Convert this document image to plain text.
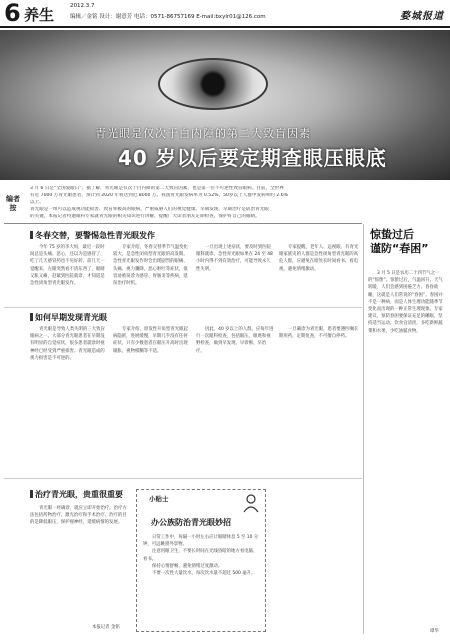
6 养生	2012.3.7
编辑／金铭 设计：谢意芳 电话：0571-86757169 E-mail:bxylr01@126.com	婺城报道
青光眼是仅次于白内障的第二大致盲因素
40 岁以后要定期查眼压眼底
编者按
3 月 6 日是“全国爱眼日”。据了解，青光眼是仅次于白内障的第二大致盲因素，也是第一位不可逆性致盲眼病。目前，全世界
有近 7000 万青光眼患者，预计到 2020 年将达到近 8000 万。我国青光眼发病率为 0.52%，50岁以上人群中发病率约 2.6%
以上。
青光眼是一组可以造成视功能损害、致盲率极高的眼病，严重威胁人们的视觉健康。早期发现、早期治疗是防治青光眼
的关键。本报记者特邀眼科专家就青光眼的相关知识进行讲解，提醒广大读者朋友定期检查，保护好自己的眼睛。
冬春交替，要警惕急性青光眼发作

今年 75 岁的李大妈，最近一段时间总是头痛、恶心，还以为是感冒了，吃了几天感冒药也不见好转。前几天一觉醒来，左眼突然看不清东西了，眼睛又胀又痛，赶紧到医院就诊，才知道是急性闭角型青光眼发作。

专家介绍，冬春交替季节气温变化较大，是急性闭角型青光眼的高发期。急性青光眼发作时会出现剧烈的眼痛、头痛、视力骤降、恶心呕吐等症状，很容易被误诊为感冒、胃肠炎等疾病，延误治疗时机。

一旦出现上述症状，要及时到医院眼科就诊。急性青光眼如果在 24 至 48 小时内得不到有效治疗，可能导致永久性失明。

专家提醒，老年人、远视眼、有青光眼家族史的人群是急性闭角型青光眼的高危人群，应避免在暗处长时间看书、看电视，避免情绪激动。

如何早期发现青光眼

青光眼是导致人类失明的三大致盲眼病之一。大部分青光眼患者在早期没有明显的自觉症状，很多患者就诊时视神经已经受到严重损害。青光眼造成的视力损害是不可逆的。

专家介绍，原发性开角型青光眼起病隐匿，进展缓慢，早期几乎没有任何症状，只有少数患者在眼压升高时出现眼胀、视物模糊等不适。

因此，40 岁以上的人群，应每年进行一次眼科检查，包括眼压、眼底和视野检查，做到早发现、早诊断、早治疗。

一旦确诊为青光眼，患者要遵医嘱长期用药，定期复查，不可擅自停药。

治疗青光眼，贵重很重要

青光眼一经确诊，就应立即开始治疗。治疗方法包括药物治疗、激光治疗和手术治疗。治疗的目的是降低眼压，保护视神经，延缓病情的发展。

本报记者 金铭
小贴士
办公族防治青光眼妙招

日常工作中，每隔一小时左右应让眼睛休息 5 至 10 分钟，可远眺窗外景物。

注意用眼卫生，不要长时间在光线昏暗的地方看电脑、看书。

保持心情舒畅，避免情绪过度激动。

不要一次性大量饮水，每次饮水量不超过 500 毫升。

惊蛰过后
谨防“春困”

3 月 5 日是农历二十四节气之一的“惊蛰”。惊蛰过后，气温回升，天气转暖，人们会感到困倦乏力、昏昏欲睡，这就是人们常说的“春困”。春困并不是一种病，而是人体生理功能随季节变化而出现的一种正常生理现象。专家建议，预防春困要保证充足的睡眠，坚持适当运动，饮食宜清淡，多吃新鲜蔬菜和水果，少吃油腻食物。

谭华
